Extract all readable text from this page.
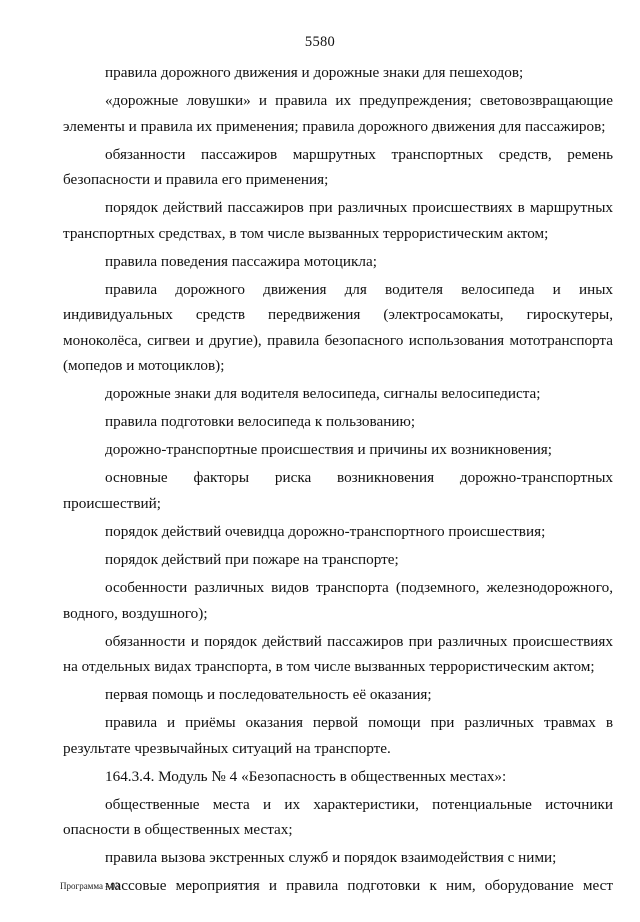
5580

правила дорожного движения и дорожные знаки для пешеходов;

«дорожные ловушки» и правила их предупреждения; световозвращающие элементы и правила их применения; правила дорожного движения для пассажиров;

обязанности пассажиров маршрутных транспортных средств, ремень безопасности и правила его применения;

порядок действий пассажиров при различных происшествиях в маршрутных транспортных средствах, в том числе вызванных террористическим актом;

правила поведения пассажира мотоцикла;

правила дорожного движения для водителя велосипеда и иных индивидуальных средств передвижения (электросамокаты, гироскутеры, моноколёса, сигвеи и другие), правила безопасного использования мототранспорта (мопедов и мотоциклов);

дорожные знаки для водителя велосипеда, сигналы велосипедиста;

правила подготовки велосипеда к пользованию;

дорожно-транспортные происшествия и причины их возникновения;

основные факторы риска возникновения дорожно-транспортных происшествий;

порядок действий очевидца дорожно-транспортного происшествия;

порядок действий при пожаре на транспорте;

особенности различных видов транспорта (подземного, железнодорожного, водного, воздушного);

обязанности и порядок действий пассажиров при различных происшествиях на отдельных видах транспорта, в том числе вызванных террористическим актом;

первая помощь и последовательность её оказания;

правила и приёмы оказания первой помощи при различных травмах в результате чрезвычайных ситуаций на транспорте.

164.3.4. Модуль № 4 «Безопасность в общественных местах»:

общественные места и их характеристики, потенциальные источники опасности в общественных местах;

правила вызова экстренных служб и порядок взаимодействия с ними;

массовые мероприятия и правила подготовки к ним, оборудование мест

Программа - 03
